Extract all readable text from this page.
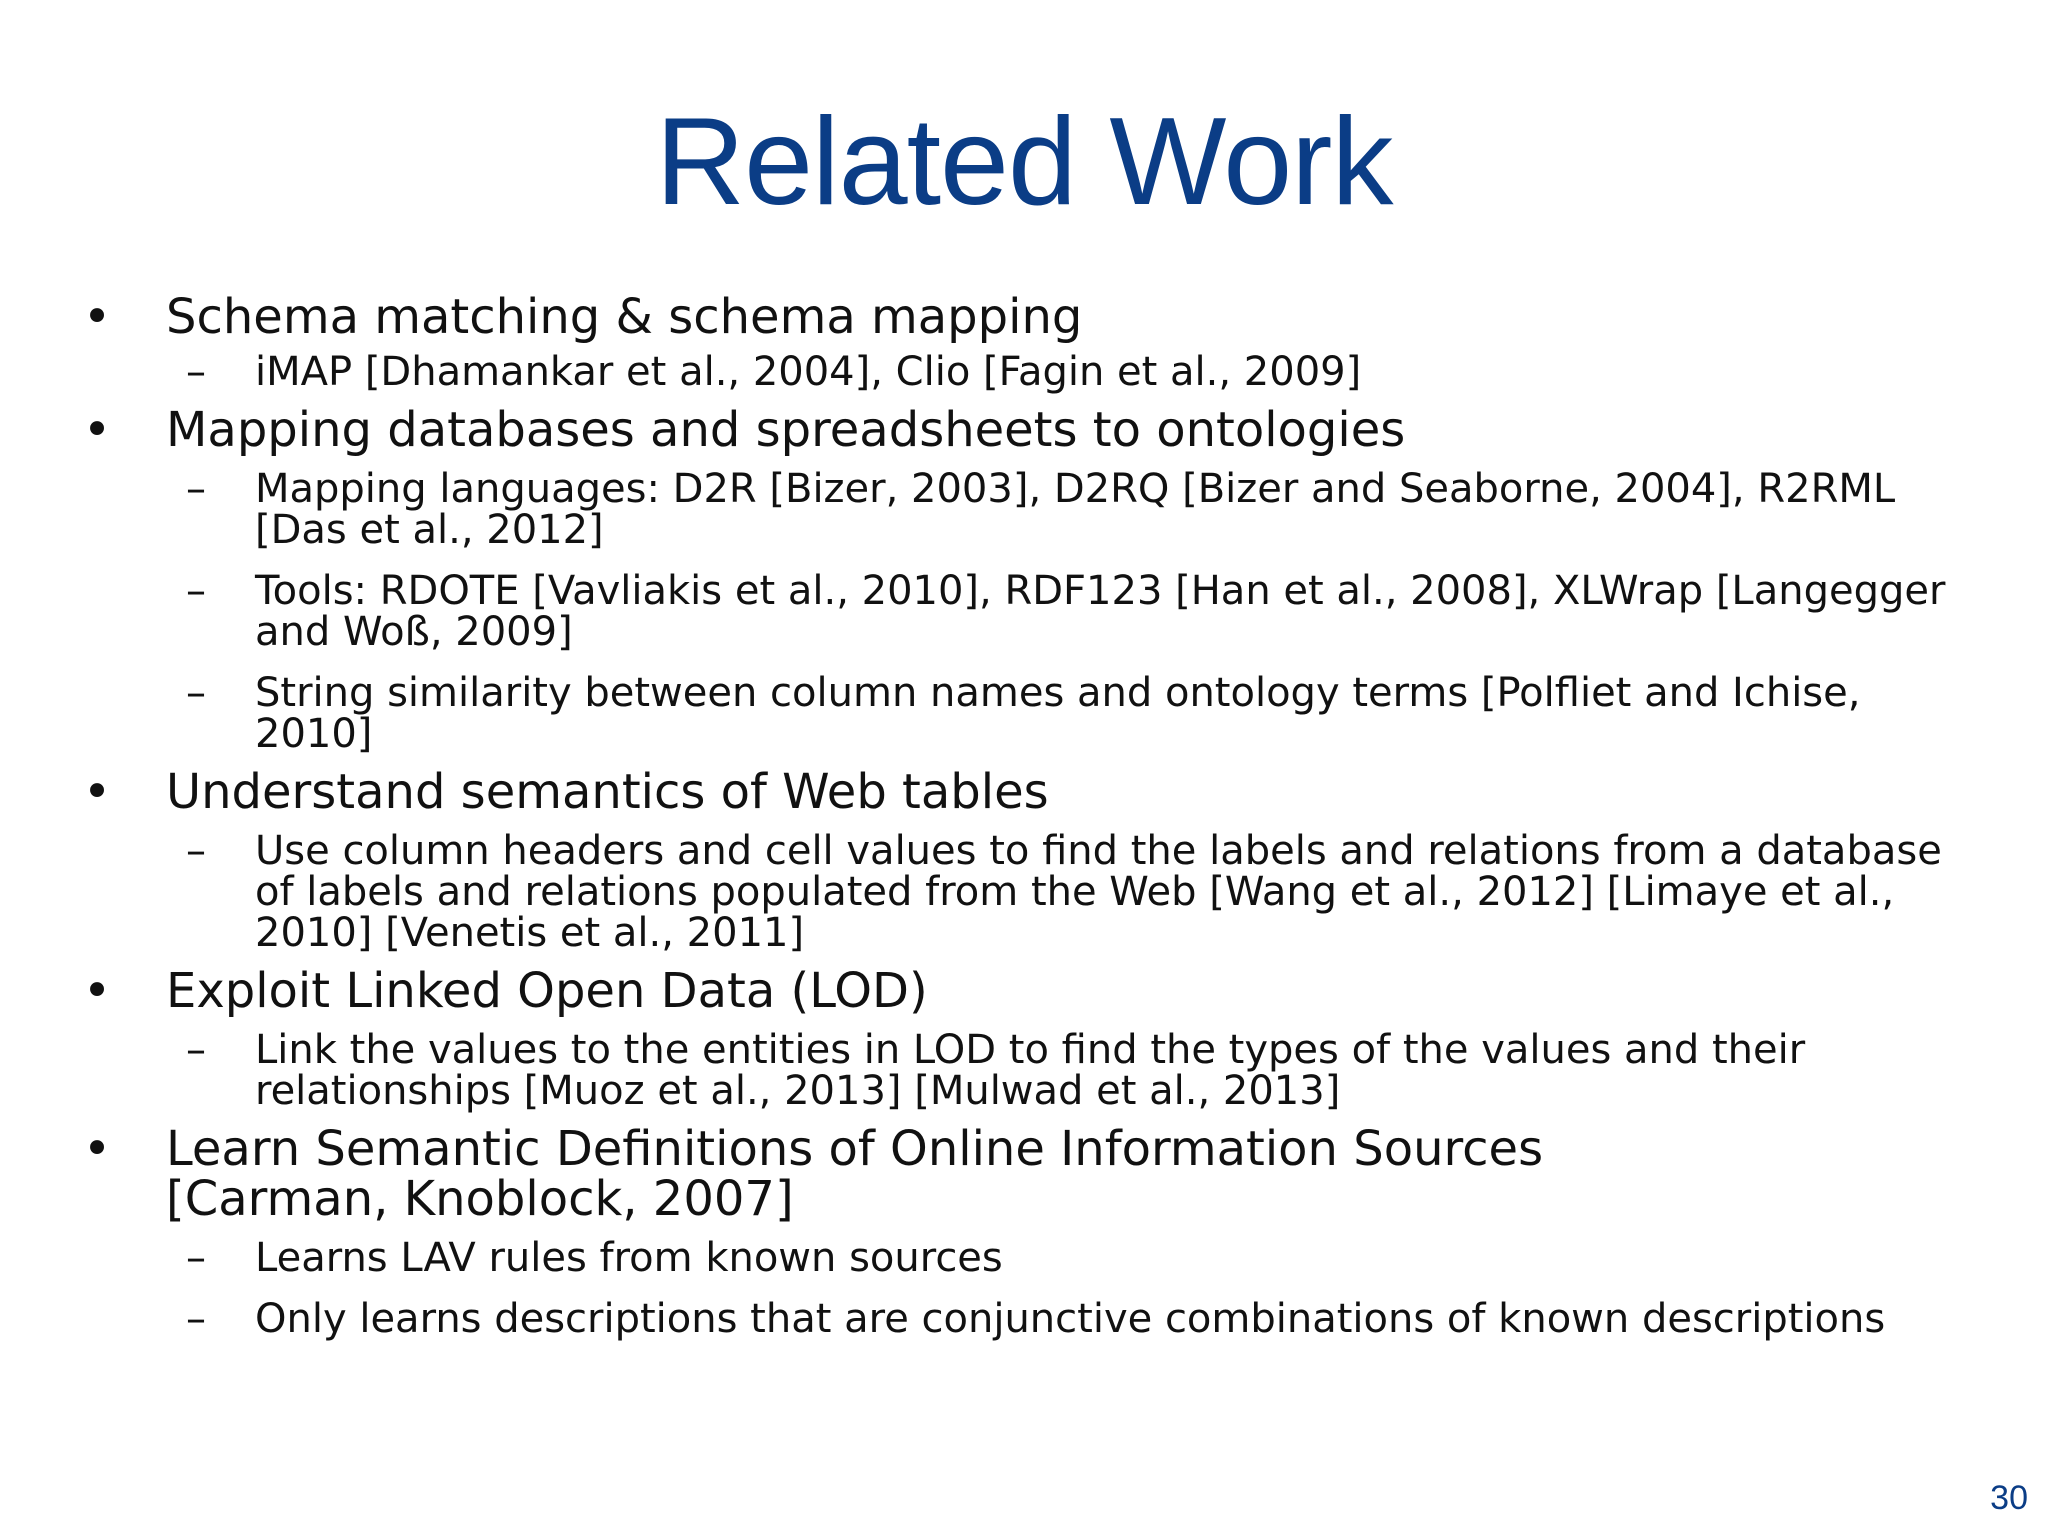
Related Work
• Schema matching & schema mapping
– iMAP [Dhamankar et al., 2004], Clio [Fagin et al., 2009]
• Mapping databases and spreadsheets to ontologies
– Mapping languages: D2R [Bizer, 2003], D2RQ [Bizer and Seaborne, 2004], R2RML [Das et al., 2012]
– Tools: RDOTE [Vavliakis et al., 2010], RDF123 [Han et al., 2008], XLWrap [Langegger and Woß, 2009]
– String similarity between column names and ontology terms [Polfliet and Ichise, 2010]
• Understand semantics of Web tables
– Use column headers and cell values to find the labels and relations from a database of labels and relations populated from the Web [Wang et al., 2012] [Limaye et al., 2010] [Venetis et al., 2011]
• Exploit Linked Open Data (LOD)
– Link the values to the entities in LOD to find the types of the values and their relationships [Muoz et al., 2013] [Mulwad et al., 2013]
• Learn Semantic Definitions of Online Information Sources [Carman, Knoblock, 2007]
– Learns LAV rules from known sources
– Only learns descriptions that are conjunctive combinations of known descriptions
30
